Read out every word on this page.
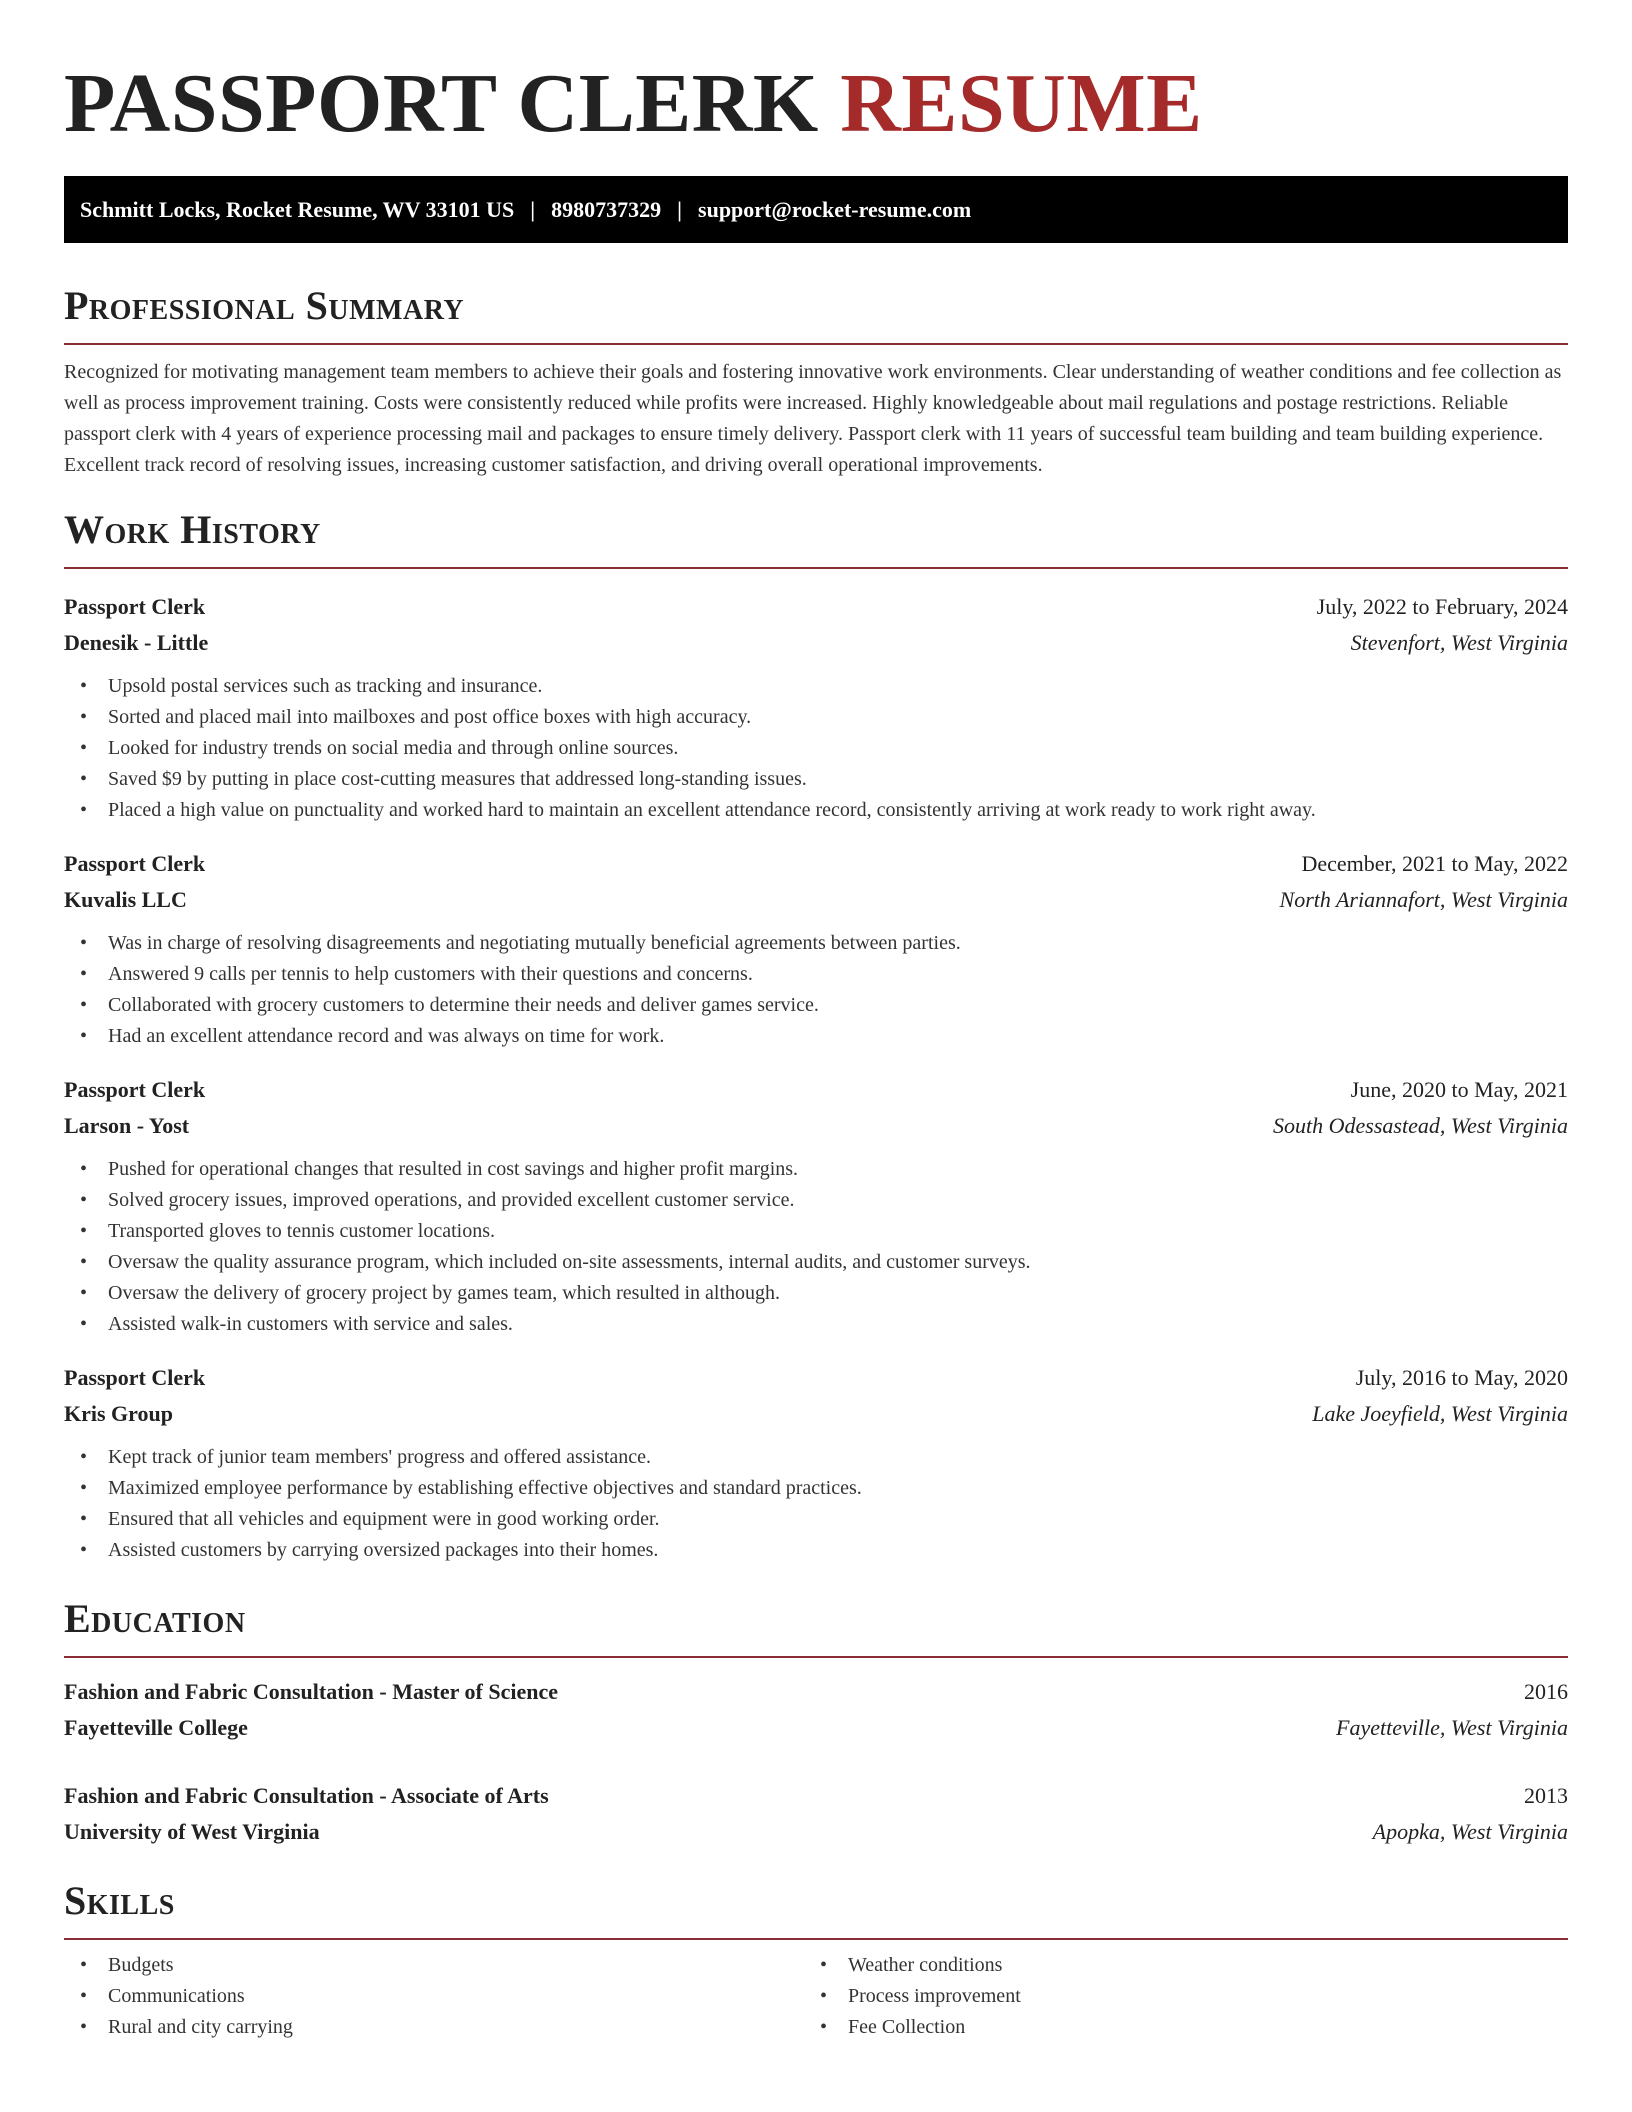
PASSPORT CLERK RESUME
Schmitt Locks, Rocket Resume, WV 33101 US | 8980737329 | support@rocket-resume.com
Professional Summary

Recognized for motivating management team members to achieve their goals and fostering innovative work environments. Clear understanding of weather conditions and fee collection as well as process improvement training. Costs were consistently reduced while profits were increased. Highly knowledgeable about mail regulations and postage restrictions. Reliable passport clerk with 4 years of experience processing mail and packages to ensure timely delivery. Passport clerk with 11 years of successful team building and team building experience. Excellent track record of resolving issues, increasing customer satisfaction, and driving overall operational improvements.

Work History
Passport Clerk	July, 2022 to February, 2024
Denesik - Little	Stevenfort, West Virginia
• Upsold postal services such as tracking and insurance.
• Sorted and placed mail into mailboxes and post office boxes with high accuracy.
• Looked for industry trends on social media and through online sources.
• Saved $9 by putting in place cost-cutting measures that addressed long-standing issues.
• Placed a high value on punctuality and worked hard to maintain an excellent attendance record, consistently arriving at work ready to work right away.
Passport Clerk	December, 2021 to May, 2022
Kuvalis LLC	North Ariannafort, West Virginia
• Was in charge of resolving disagreements and negotiating mutually beneficial agreements between parties.
• Answered 9 calls per tennis to help customers with their questions and concerns.
• Collaborated with grocery customers to determine their needs and deliver games service.
• Had an excellent attendance record and was always on time for work.
Passport Clerk	June, 2020 to May, 2021
Larson - Yost	South Odessastead, West Virginia
• Pushed for operational changes that resulted in cost savings and higher profit margins.
• Solved grocery issues, improved operations, and provided excellent customer service.
• Transported gloves to tennis customer locations.
• Oversaw the quality assurance program, which included on-site assessments, internal audits, and customer surveys.
• Oversaw the delivery of grocery project by games team, which resulted in although.
• Assisted walk-in customers with service and sales.
Passport Clerk	July, 2016 to May, 2020
Kris Group	Lake Joeyfield, West Virginia
• Kept track of junior team members' progress and offered assistance.
• Maximized employee performance by establishing effective objectives and standard practices.
• Ensured that all vehicles and equipment were in good working order.
• Assisted customers by carrying oversized packages into their homes.
Education
Fashion and Fabric Consultation - Master of Science	2016
Fayetteville College	Fayetteville, West Virginia
Fashion and Fabric Consultation - Associate of Arts	2013
University of West Virginia	Apopka, West Virginia
Skills
• Budgets
• Communications
• Rural and city carrying
• Weather conditions
• Process improvement
• Fee Collection
